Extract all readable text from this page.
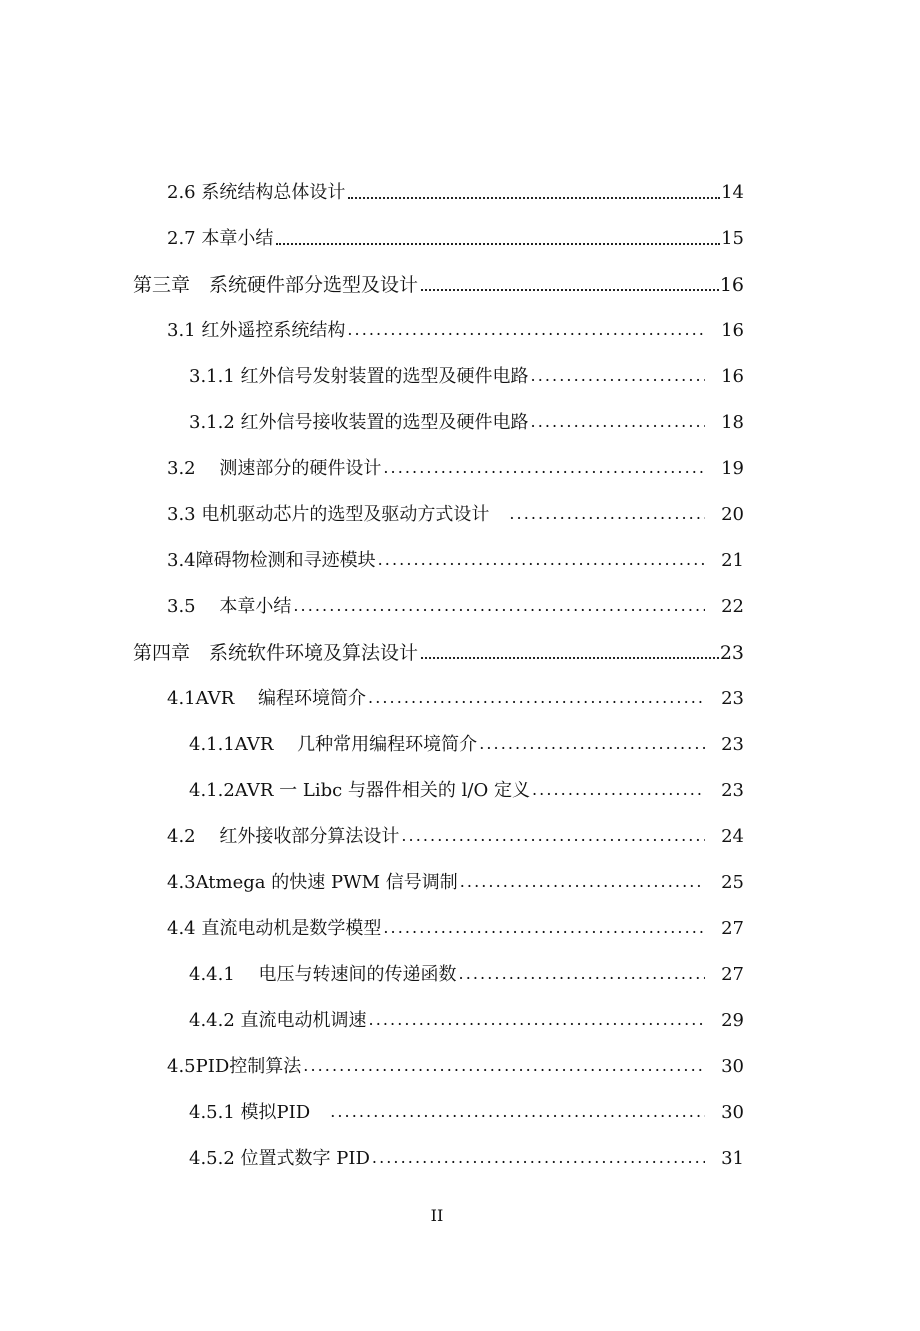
2.6 系统结构总体设计	14
2.7 本章小结	15
第三章　系统硬件部分选型及设计	16
3.1 红外遥控系统结构 . . .	16
3.1.1 红外信号发射装置的选型及硬件电路 . . .	16
3.1.2 红外信号接收装置的选型及硬件电路 . . .	18
3.2　 测速部分的硬件设计 . . .	19
3.3 电机驱动芯片的选型及驱动方式设计　 . . .	20
3.4障碍物检测和寻迹模块 . . .	21
3.5　 本章小结 . . .	22
第四章　系统软件环境及算法设计	23
4.1AVR　 编程环境简介 . . .	23
4.1.1AVR　 几种常用编程环境简介 . . .	23
4.1.2AVR 一 Libc 与器件相关的 l/O 定义 . . .	23
4.2　 红外接收部分算法设计 . . .	24
4.3Atmega 的快速 PWM 信号调制 . . .	25
4.4 直流电动机是数学模型 . . .	27
4.4.1　 电压与转速间的传递函数 . . .	27
4.4.2 直流电动机调速 . . .	29
4.5PID控制算法 . . .	30
4.5.1 模拟PID　 . . .	30
4.5.2 位置式数字 PID . . .	31
II
